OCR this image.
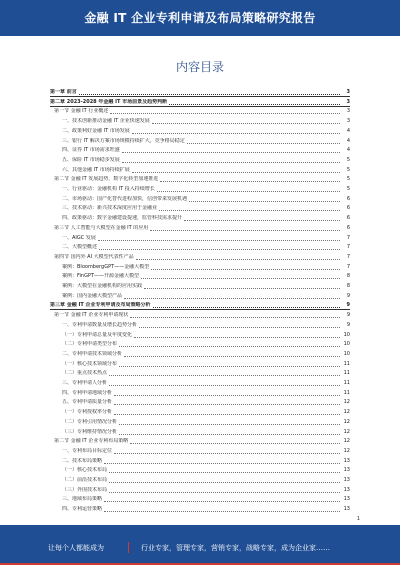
金融 IT 企业专利申请及布局策略研究报告
内容目录
第一章 前言	3
第二章 2023-2028 年金融 IT 市场前景及趋势判断	3
第一节 金融 IT 行业概述	3
一、技术创新推动金融 IT 企业快速发展	3
二、政策利好金融 IT 市场发展	4
三、银行 IT 解决方案市场规模持续扩大，竞争格局稳定	4
四、证券 IT 市场需求旺盛	4
五、保险 IT 市场稳步发展	5
六、其他金融 IT 市场持续扩展	5
第二节 金融 IT 发展趋势，数字化转型加速推进	5
一、行业驱动：金融机构 IT 投入持续增长	5
二、市场驱动：国产化替代进程加快，信创带来发展机遇	6
三、技术驱动：新兴技术深度应用于金融业	6
四、政策驱动：数字金融建设提速，监管科技需求提升	6
第三节 人工智能与大模型在金融 IT 的应用	6
一、AIGC 发展	7
二、大模型概述	7
第四节 国内外 AI 大模型代表性产品	7
案例：BloombergGPT——金融大模型	7
案例：FinGPT——开源金融大模型	8
案例：大模型在金融机构的应用实践	8
案例：国内金融大模型产品	9
第三章 金融 IT 企业专利申请及布局策略分析	9
第一节 金融 IT 企业专利申请现状	9
一、专利申请数量及增长趋势分析	9
（一）专利申请总量及年度变化	10
（二）专利申请类型分布	10
二、专利申请技术领域分析	10
（一）核心技术领域分布	11
（二）重点技术热点	11
三、专利申请人分析	11
四、专利申请地域分析	11
五、专利申请质量分析	12
（一）专利授权率分析	12
（二）专利引用情况分析	12
（三）专利维持情况分析	12
第二节 金融 IT 企业专利布局策略	12
一、专利布局目标定位	12
二、技术布局策略	13
（一）核心技术布局	13
（二）前沿技术布局	13
（三）外围技术布局	13
三、地域布局策略	13
四、专利运营策略	13
1
让每个人都能成为	行业专家，管理专家，营销专家，战略专家，成为企业家……
